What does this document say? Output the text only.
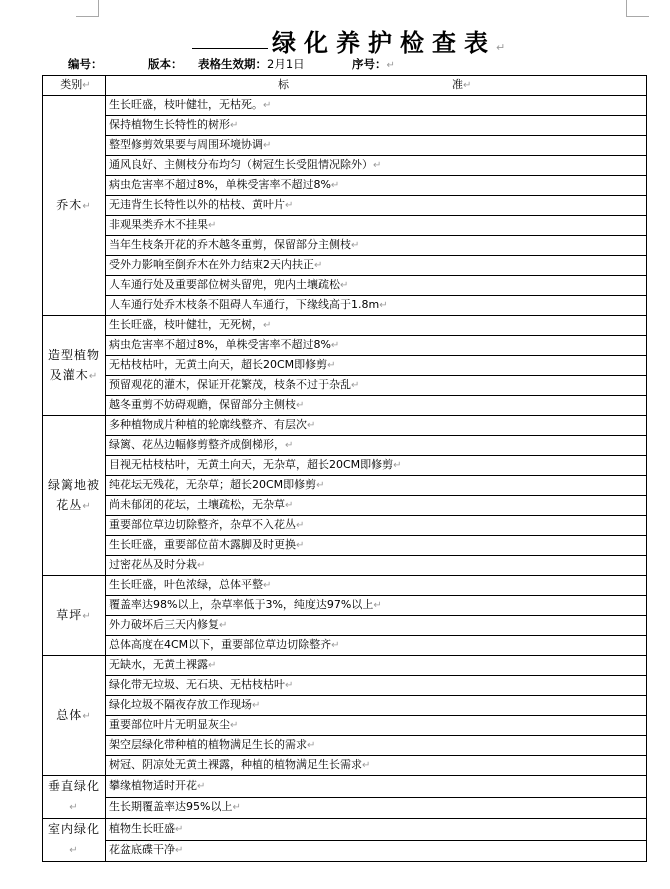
绿化养护检查表↵
编号：	版本： 表格生效期：2月1日	序号：↵
类别↵	标 准↵

乔木↵	生长旺盛，枝叶健壮，无枯死。↵
	保持植物生长特性的树形↵
	整型修剪效果要与周围环境协调↵
	通风良好、主侧枝分布均匀（树冠生长受阻情况除外）↵
	病虫危害率不超过8%，单株受害率不超过8%↵
	无违背生长特性以外的枯枝、黄叶片↵
	非观果类乔木不挂果↵
	当年生枝条开花的乔木越冬重剪，保留部分主侧枝↵
	受外力影响至倒乔木在外力结束2天内扶正↵
	人车通行处及重要部位树头留兜，兜内土壤疏松↵
	人车通行处乔木枝条不阻碍人车通行，下缘线高于1.8m↵
造型植物及灌木↵	生长旺盛，枝叶健壮，无死树，↵
	病虫危害率不超过8%，单株受害率不超过8%↵
	无枯枝枯叶，无黄土向天，超长20CM即修剪↵
	预留观花的灌木，保证开花繁茂，枝条不过于杂乱↵
	越冬重剪不妨碍观瞻，保留部分主侧枝↵
绿篱地被花丛↵	多种植物成片种植的轮廓线整齐、有层次↵
	绿篱、花丛边幅修剪整齐成倒梯形，↵
	目视无枯枝枯叶，无黄土向天，无杂草，超长20CM即修剪↵
	纯花坛无残花，无杂草；超长20CM即修剪↵
	尚未郁闭的花坛，土壤疏松，无杂草↵
	重要部位草边切除整齐，杂草不入花丛↵
	生长旺盛，重要部位苗木露脚及时更换↵
	过密花丛及时分栽↵
草坪↵	生长旺盛，叶色浓绿，总体平整↵
	覆盖率达98%以上，杂草率低于3%，纯度达97%以上↵
	外力破坏后三天内修复↵
	总体高度在4CM以下，重要部位草边切除整齐↵
总体↵	无缺水，无黄土裸露↵
	绿化带无垃圾、无石块、无枯枝枯叶↵
	绿化垃圾不隔夜存放工作现场↵
	重要部位叶片无明显灰尘↵
	架空层绿化带种植的植物满足生长的需求↵
	树冠、阴凉处无黄土裸露，种植的植物满足生长需求↵
垂直绿化↵	攀缘植物适时开花↵
	生长期覆盖率达95%以上↵
室内绿化↵	植物生长旺盛↵
	花盆底碟干净↵
